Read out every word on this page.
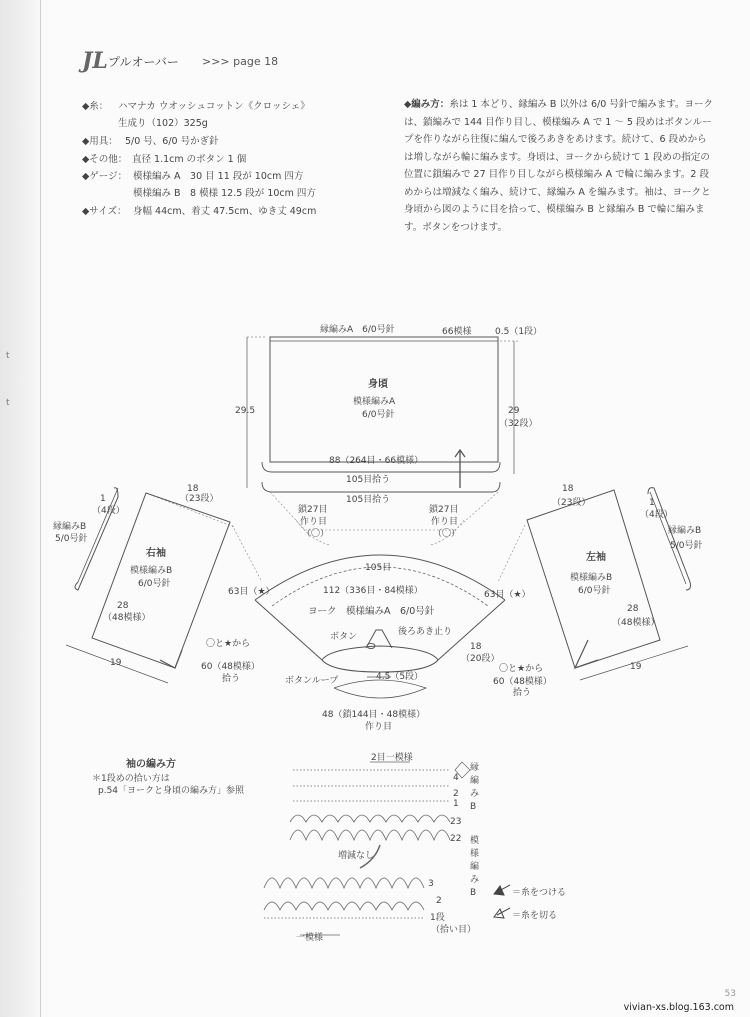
t
t
JL プルオーバー >>> page 18
◆糸： ハマナカ ウオッシュコットン《クロッシェ》
生成り（102）325g
◆用具： 5/0 号、6/0 号かぎ針
◆その他： 直径 1.1cm のボタン 1 個
◆ゲージ： 模様編み A　30 目 11 段が 10cm 四方
模様編み B　8 模様 12.5 段が 10cm 四方
◆サイズ： 身幅 44cm、着丈 47.5cm、ゆき丈 49cm
◆編み方：糸は 1 本どり、縁編み B 以外は 6/0 号針で編みます。ヨークは、鎖編みで 144 目作り目し、模様編み A で 1 ～ 5 段めはボタンループを作りながら往復に編んで後ろあきをあけます。続けて、6 段めからは増しながら輪に編みます。身頃は、ヨークから続けて 1 段めの指定の位置に鎖編みで 27 目作り目しながら模様編み A で輪に編みます。2 段めからは増減なく編み、続けて、縁編み A を編みます。袖は、ヨークと身頃から図のように目を拾って、模様編み B と縁編み B で輪に編みます。ボタンをつけます。
縁編みA　6/0号針	66模様	0.5（1段）
身頃
模様編みA
6/0号針
29.5	29
（32段）
88（264目・66模様）
105目拾う
105目拾う
鎖27目
作り目
（〇）
鎖27目
作り目
（〇）
18
（23段）
1
（4段）
縁編みB
5/0号針
右袖
模様編みB
6/0号針
28
（48模様）
19
〇と★から
60（48模様）
拾う
18
（23段）	1
（4段）
縁編みB
5/0号針
左袖
模様編みB
6/0号針
28
（48模様）
19
〇と★から
60（48模様）
拾う
105目
63目（★）	63目（★）
112（336目・84模様）
ヨーク　模様編みA　6/0号針
ボタン	後ろあき止り
18
（20段）
ボタンループ	4.5（5段）
48（鎖144目・48模様）
作り目
袖の編み方
＊1段めの拾い方は
p.54「ヨークと身頃の編み方」参照
2目一模様
一模様
増減なし
縁
編
み
B
模
様
編
み
B
4
2
1
23
22
3
2
1段
（拾い目）
＝糸をつける
＝糸を切る
53
vivian-xs.blog.163.com
